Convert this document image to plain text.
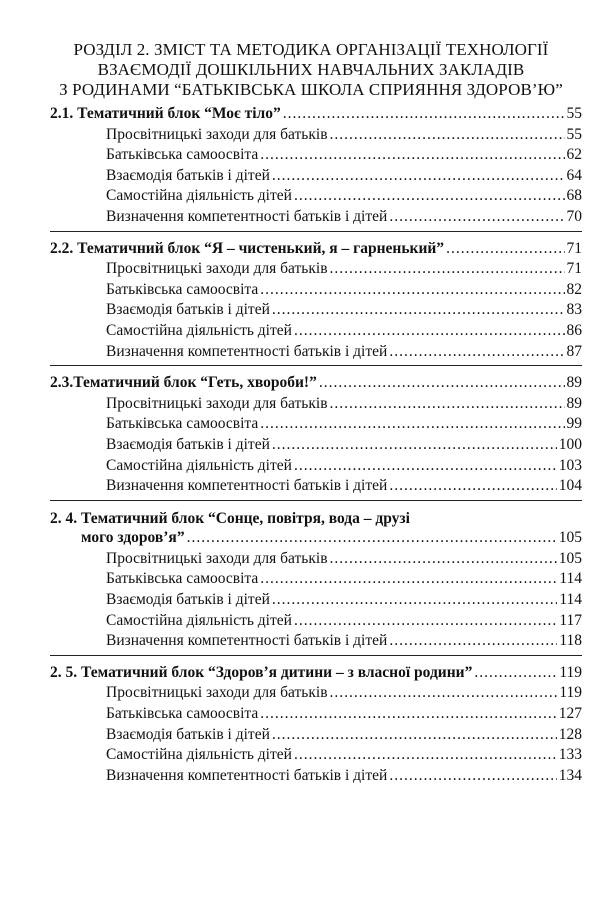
РОЗДІЛ 2. ЗМІСТ ТА МЕТОДИКА ОРГАНІЗАЦІЇ ТЕХНОЛОГІЇ
ВЗАЄМОДІЇ ДОШКІЛЬНИХ НАВЧАЛЬНИХ ЗАКЛАДІВ
З РОДИНАМИ “БАТЬКІВСЬКА ШКОЛА СПРИЯННЯ ЗДОРОВ’Ю”
2.1. Тематичний блок “Моє тіло” .....	55
Просвітницькі заходи для батьків .....	55
Батьківська самоосвіта .....	62
Взаємодія батьків і дітей .....	64
Самостійна діяльність дітей .....	68
Визначення компетентності батьків і дітей .....	70
2.2. Тематичний блок “Я – чистенький, я – гарненький” .....	71
Просвітницькі заходи для батьків .....	71
Батьківська самоосвіта .....	82
Взаємодія батьків і дітей .....	83
Самостійна діяльність дітей .....	86
Визначення компетентності батьків і дітей .....	87
2.3.Тематичний блок “Геть, хвороби!” .....	89
Просвітницькі заходи для батьків .....	89
Батьківська самоосвіта .....	99
Взаємодія батьків і дітей .....	100
Самостійна діяльність дітей .....	103
Визначення компетентності батьків і дітей .....	104
2. 4. Тематичний блок “Сонце, повітря, вода – друзі
мого здоров’я” .....	105
Просвітницькі заходи для батьків .....	105
Батьківська самоосвіта .....	114
Взаємодія батьків і дітей .....	114
Самостійна діяльність дітей .....	117
Визначення компетентності батьків і дітей .....	118
2. 5. Тематичний блок “Здоров’я дитини – з власної родини” .....	119
Просвітницькі заходи для батьків .....	119
Батьківська самоосвіта .....	127
Взаємодія батьків і дітей .....	128
Самостійна діяльність дітей .....	133
Визначення компетентності батьків і дітей .....	134
